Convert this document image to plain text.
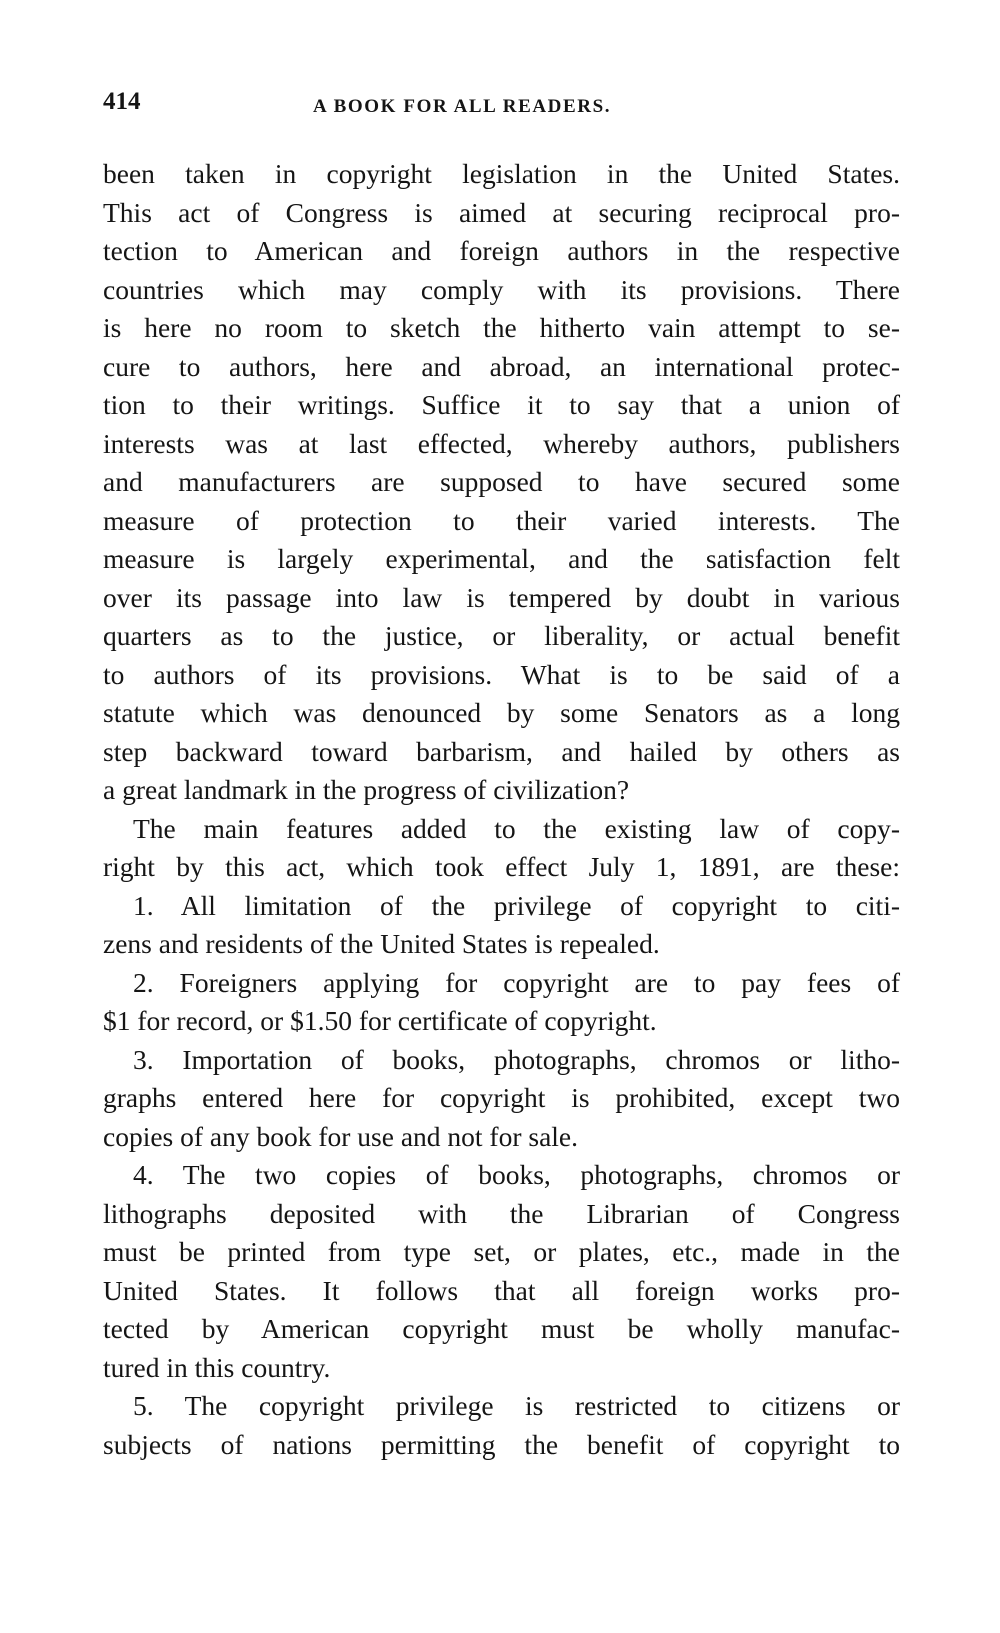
414	A BOOK FOR ALL READERS.
been taken in copyright legislation in the United States.
This act of Congress is aimed at securing reciprocal pro-
tection to American and foreign authors in the respective
countries which may comply with its provisions. There
is here no room to sketch the hitherto vain attempt to se-
cure to authors, here and abroad, an international protec-
tion to their writings. Suffice it to say that a union of
interests was at last effected, whereby authors, publishers
and manufacturers are supposed to have secured some
measure of protection to their varied interests. The
measure is largely experimental, and the satisfaction felt
over its passage into law is tempered by doubt in various
quarters as to the justice, or liberality, or actual benefit
to authors of its provisions. What is to be said of a
statute which was denounced by some Senators as a long
step backward toward barbarism, and hailed by others as
a great landmark in the progress of civilization?
The main features added to the existing law of copy-
right by this act, which took effect July 1, 1891, are these:
1. All limitation of the privilege of copyright to citi-
zens and residents of the United States is repealed.
2. Foreigners applying for copyright are to pay fees of
$1 for record, or $1.50 for certificate of copyright.
3. Importation of books, photographs, chromos or litho-
graphs entered here for copyright is prohibited, except two
copies of any book for use and not for sale.
4. The two copies of books, photographs, chromos or
lithographs deposited with the Librarian of Congress
must be printed from type set, or plates, etc., made in the
United States. It follows that all foreign works pro-
tected by American copyright must be wholly manufac-
tured in this country.
5. The copyright privilege is restricted to citizens or
subjects of nations permitting the benefit of copyright to
